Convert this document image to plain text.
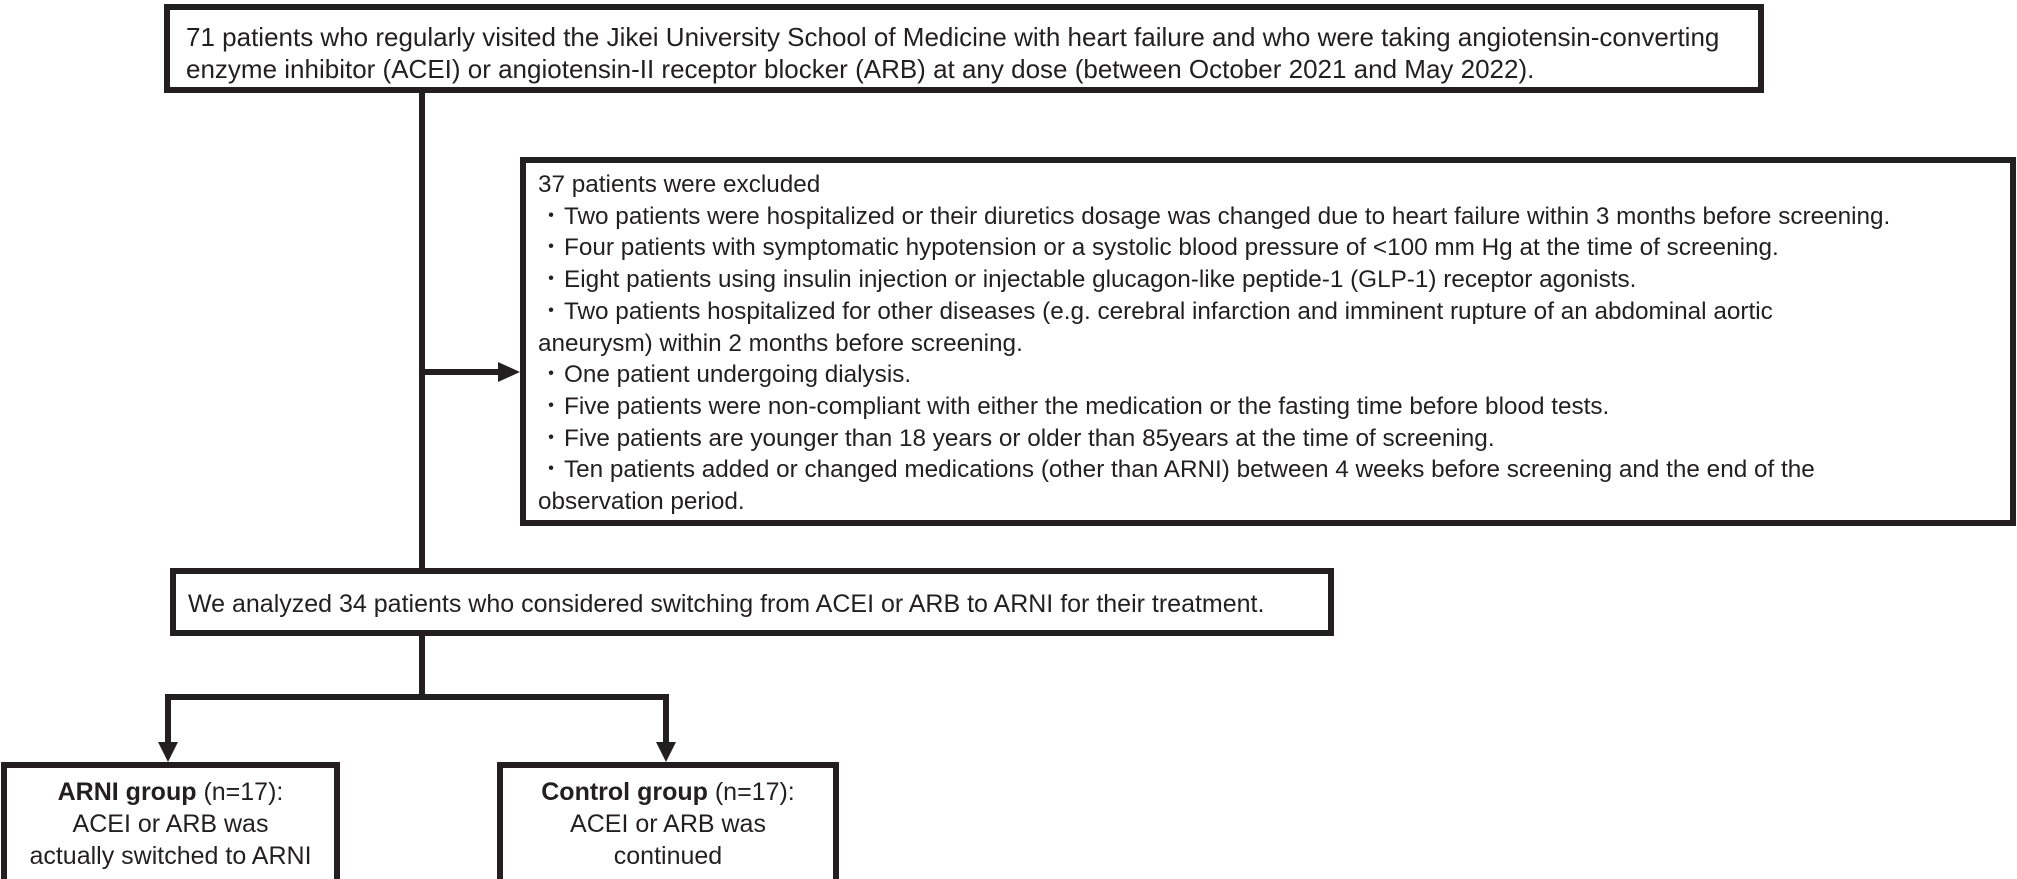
71 patients who regularly visited the Jikei University School of Medicine with heart failure and who were taking angiotensin-converting
enzyme inhibitor (ACEI) or angiotensin-II receptor blocker (ARB) at any dose (between October 2021 and May 2022).
37 patients were excluded
・Two patients were hospitalized or their diuretics dosage was changed due to heart failure within 3 months before screening.
・Four patients with symptomatic hypotension or a systolic blood pressure of <100 mm Hg at the time of screening.
・Eight patients using insulin injection or injectable glucagon-like peptide-1 (GLP-1) receptor agonists.
・Two patients hospitalized for other diseases (e.g. cerebral infarction and imminent rupture of an abdominal aortic
aneurysm) within 2 months before screening.
・One patient undergoing dialysis.
・Five patients were non-compliant with either the medication or the fasting time before blood tests.
・Five patients are younger than 18 years or older than 85years at the time of screening.
・Ten patients added or changed medications (other than ARNI) between 4 weeks before screening and the end of the
observation period.
We analyzed 34 patients who considered switching from ACEI or ARB to ARNI for their treatment.
ARNI group (n=17):
ACEI or ARB was
actually switched to ARNI
Control group (n=17):
ACEI or ARB was
continued
